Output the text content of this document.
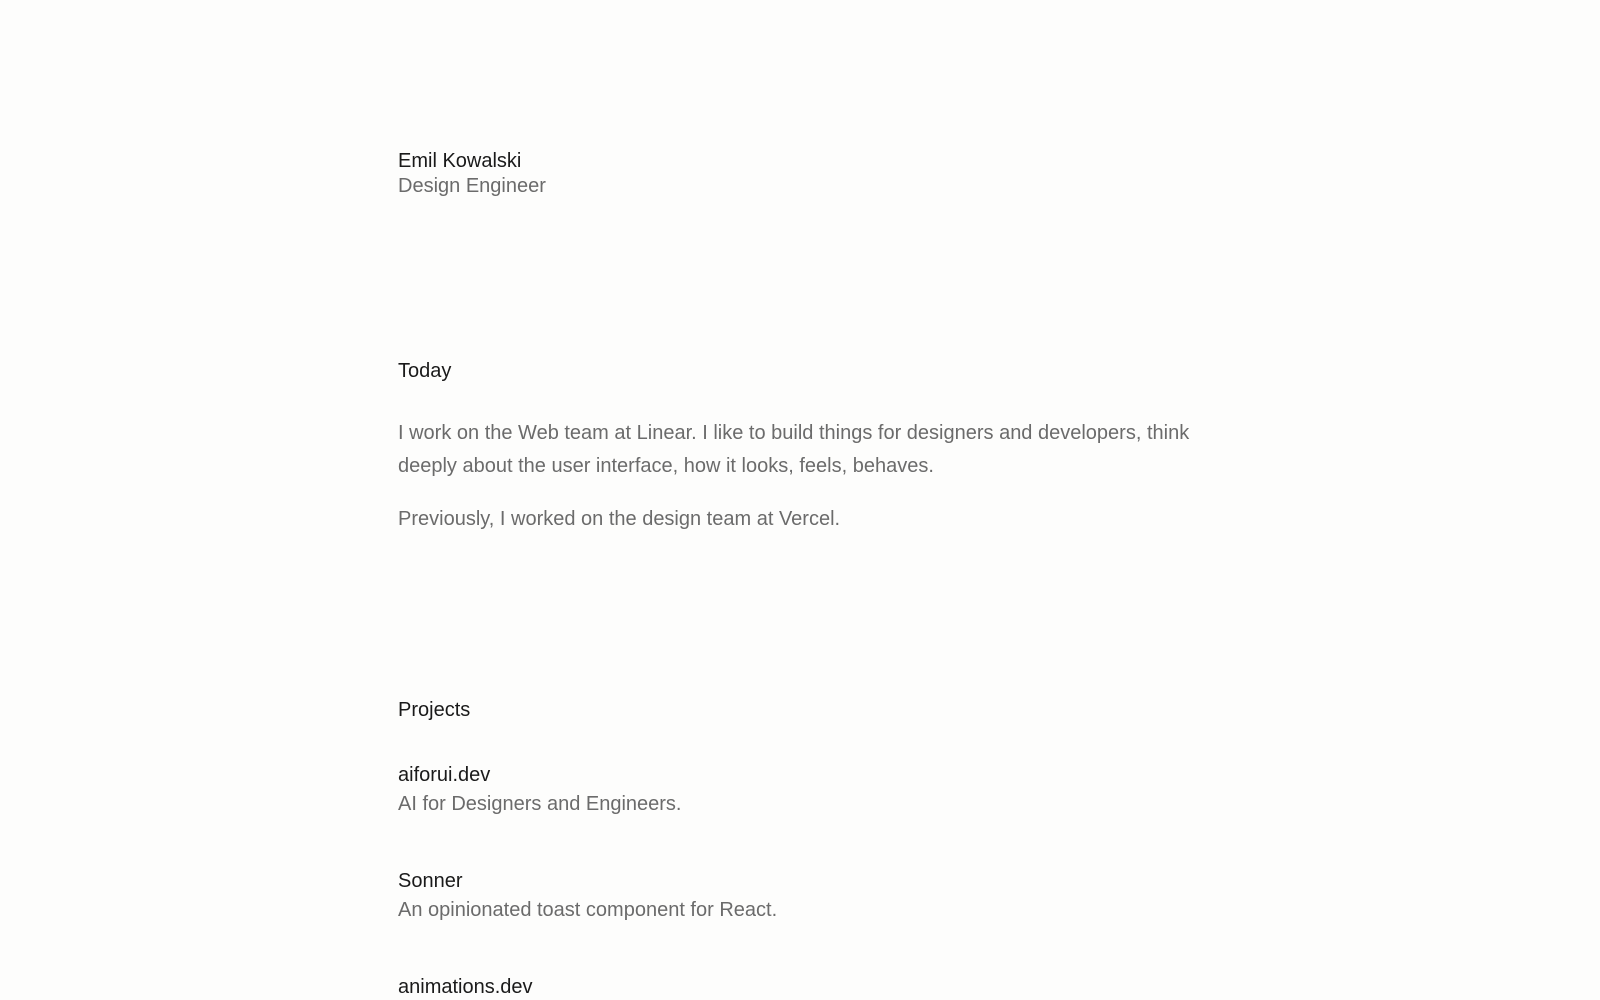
Emil Kowalski

Design Engineer

Today

I work on the Web team at Linear. I like to build things for designers and developers, think deeply about the user interface, how it looks, feels, behaves.

Previously, I worked on the design team at Vercel.

Projects
aiforui.dev
AI for Designers and Engineers.
Sonner
An opinionated toast component for React.
animations.dev
